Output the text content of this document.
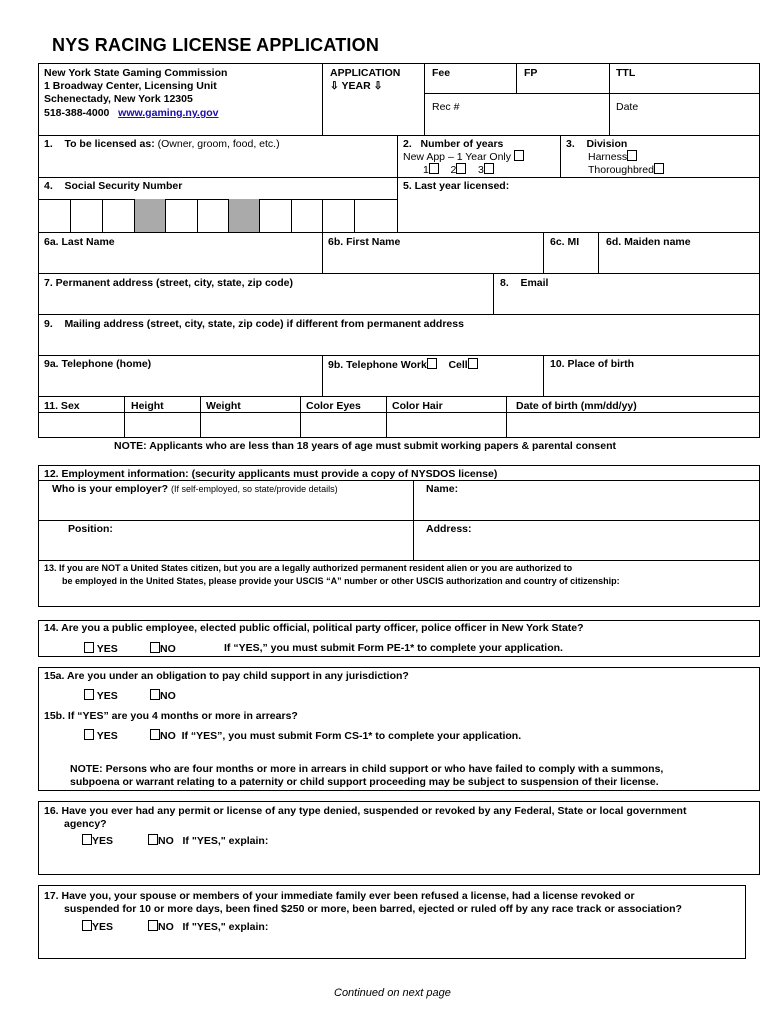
NYS RACING LICENSE APPLICATION
New York State Gaming Commission
1 Broadway Center, Licensing Unit
Schenectady, New York 12305
518-388-4000 www.gaming.ny.gov
APPLICATION
⇩ YEAR ⇩
Fee	FP	TTL
Rec #	Date
1. To be licensed as: (Owner, groom, food, etc.)	2. Number of years
New App – 1 Year Only
1 2 3
3. Division
Harness
Thoroughbred
4. Social Security Number	5. Last year licensed:
6a. Last Name	6b. First Name	6c. MI	6d. Maiden name
7. Permanent address (street, city, state, zip code)	8. Email
9. Mailing address (street, city, state, zip code) if different from permanent address
9a. Telephone (home)	9b. Telephone Work Cell	10. Place of birth
11. Sex	Height	Weight	Color Eyes	Color Hair	Date of birth (mm/dd/yy)
NOTE: Applicants who are less than 18 years of age must submit working papers & parental consent
12. Employment information: (security applicants must provide a copy of NYSDOS license)
Who is your employer? (If self-employed, so state/provide details)	Name:
Position:	Address:
13. If you are NOT a United States citizen, but you are a legally authorized permanent resident alien or you are authorized to
be employed in the United States, please provide your USCIS “A” number or other USCIS authorization and country of citizenship:
14. Are you a public employee, elected public official, political party officer, police officer in New York State?
YES	NO	If “YES,” you must submit Form PE-1* to complete your application.
15a. Are you under an obligation to pay child support in any jurisdiction?
YES	NO
15b. If “YES” are you 4 months or more in arrears?
YES	NO If “YES”, you must submit Form CS-1* to complete your application.
NOTE: Persons who are four months or more in arrears in child support or who have failed to comply with a summons,
subpoena or warrant relating to a paternity or child support proceeding may be subject to suspension of their license.
16. Have you ever had any permit or license of any type denied, suspended or revoked by any Federal, State or local government
agency?
YES	NO If "YES," explain:
17. Have you, your spouse or members of your immediate family ever been refused a license, had a license revoked or
suspended for 10 or more days, been fined $250 or more, been barred, ejected or ruled off by any race track or association?
YES	NO If "YES," explain:
Continued on next page
